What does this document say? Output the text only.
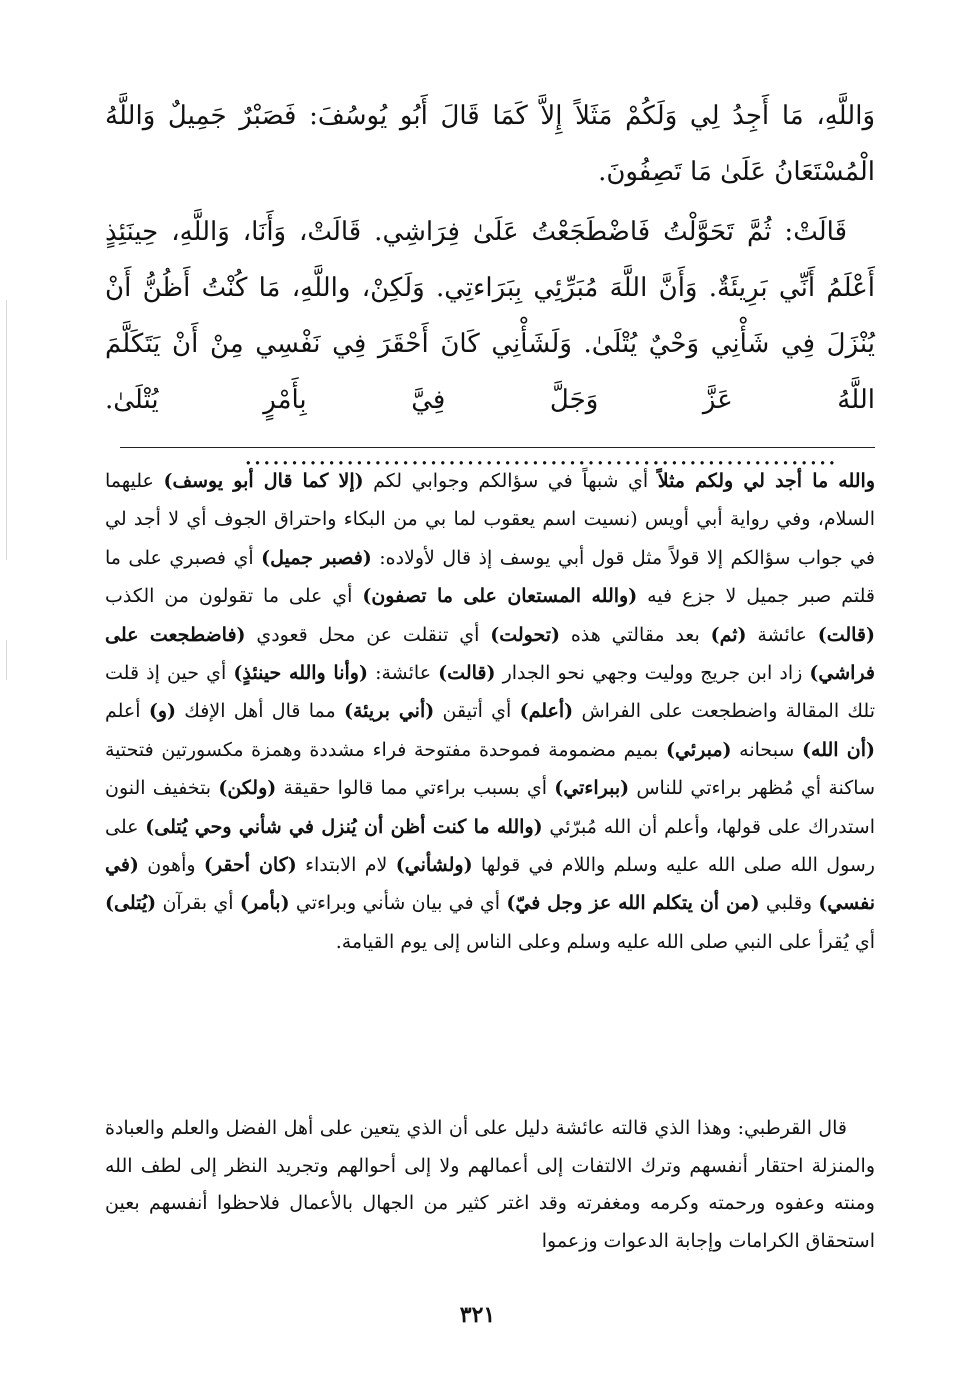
وَاللَّهِ، مَا أَجِدُ لِي وَلَكُمْ مَثَلاً إِلاَّ كَمَا قَالَ أَبُو يُوسُفَ: فَصَبْرٌ جَمِيلٌ وَاللَّهُ الْمُسْتَعَانُ عَلَىٰ مَا تَصِفُونَ.

قَالَتْ: ثُمَّ تَحَوَّلْتُ فَاضْطَجَعْتُ عَلَىٰ فِرَاشِي. قَالَتْ، وَأَنَا، وَاللَّهِ، حِينَئِذٍ أَعْلَمُ أَنِّي بَرِيئَةٌ. وَأَنَّ اللَّهَ مُبَرِّئِي بِبَرَاءتِي. وَلَكِنْ، واللَّهِ، مَا كُنْتُ أَظُنُّ أَنْ يُنْزَلَ فِي شَأْنِي وَحْيٌ يُتْلَىٰ. وَلَشَأْنِي كَانَ أَحْقَرَ فِي نَفْسِي مِنْ أَنْ يَتَكَلَّمَ اللَّهُ عَزَّ وَجَلَّ فِيَّ بِأَمْرٍ يُتْلَىٰ.................................................................

والله ما أجد لي ولكم مثلاً أي شبهاً في سؤالكم وجوابي لكم (إلا كما قال أبو يوسف) عليهما السلام، وفي رواية أبي أويس (نسيت اسم يعقوب لما بي من البكاء واحتراق الجوف أي لا أجد لي في جواب سؤالكم إلا قولاً مثل قول أبي يوسف إذ قال لأولاده: (فصبر جميل) أي فصبري على ما قلتم صبر جميل لا جزع فيه (والله المستعان على ما تصفون) أي على ما تقولون من الكذب (قالت) عائشة (ثم) بعد مقالتي هذه (تحولت) أي تنقلت عن محل قعودي (فاضطجعت على فراشي) زاد ابن جريج ووليت وجهي نحو الجدار (قالت) عائشة: (وأنا والله حينئذٍ) أي حين إذ قلت تلك المقالة واضطجعت على الفراش (أعلم) أي أتيقن (أني بريئة) مما قال أهل الإفك (و) أعلم (أن الله) سبحانه (مبرئي) بميم مضمومة فموحدة مفتوحة فراء مشددة وهمزة مكسورتين فتحتية ساكنة أي مُظهر براءتي للناس (ببراءتي) أي بسبب براءتي مما قالوا حقيقة (ولكن) بتخفيف النون استدراك على قولها، وأعلم أن الله مُبرّئي (والله ما كنت أظن أن يُنزل في شأني وحي يُتلى) على رسول الله صلى الله عليه وسلم واللام في قولها (ولشأني) لام الابتداء (كان أحقر) وأهون (في نفسي) وقلبي (من أن يتكلم الله عز وجل فيّ) أي في بيان شأني وبراءتي (بأمر) أي بقرآن (يُتلى) أي يُقرأ على النبي صلى الله عليه وسلم وعلى الناس إلى يوم القيامة.

قال القرطبي: وهذا الذي قالته عائشة دليل على أن الذي يتعين على أهل الفضل والعلم والعبادة والمنزلة احتقار أنفسهم وترك الالتفات إلى أعمالهم ولا إلى أحوالهم وتجريد النظر إلى لطف الله ومنته وعفوه ورحمته وكرمه ومغفرته وقد اغتر كثير من الجهال بالأعمال فلاحظوا أنفسهم بعين استحقاق الكرامات وإجابة الدعوات وزعموا

٣٢١
